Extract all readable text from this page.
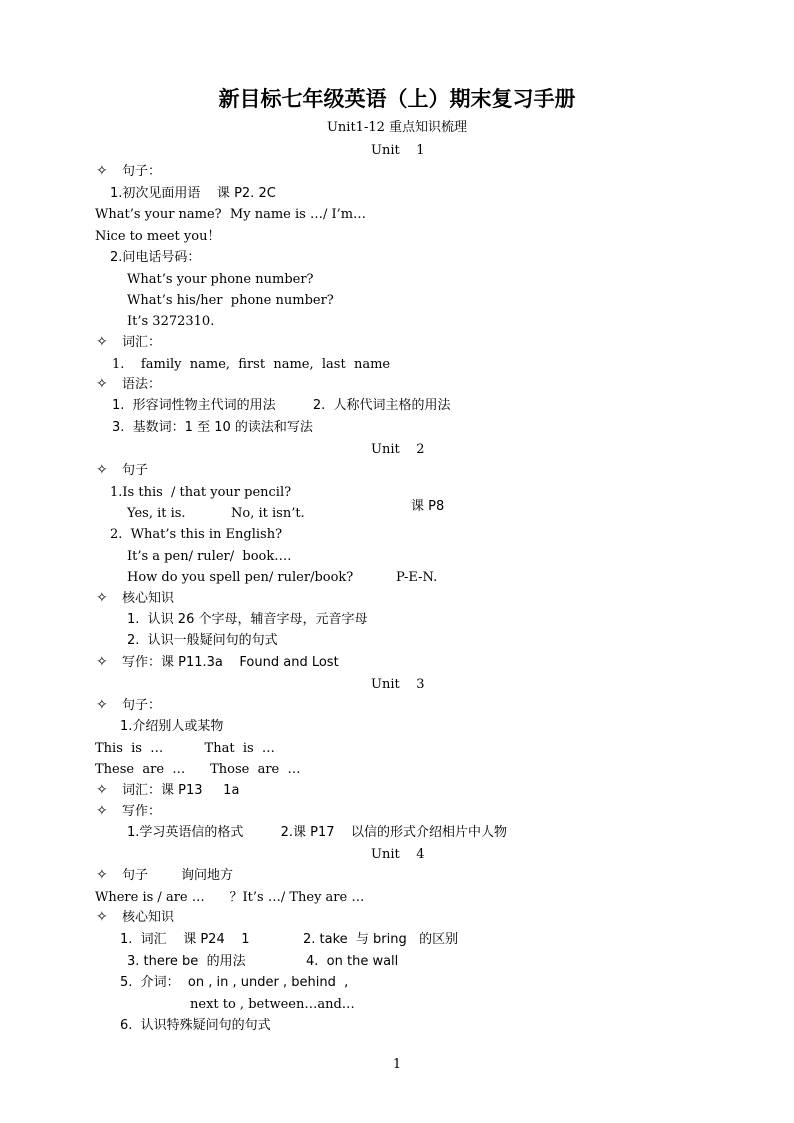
新目标七年级英语（上）期末复习手册
Unit1-12 重点知识梳理
Unit    1
✧ 句子：
1.初次见面用语    课 P2. 2C
What’s your name?  My name is …/ I’m…
Nice to meet you！
2.问电话号码：
What’s your phone number?
What’s his/her  phone number?
It’s 3272310.
✧ 词汇：
1.    family  name,  first  name,  last  name
✧ 语法：
1.  形容词性物主代词的用法         2.  人称代词主格的用法
3.  基数词：1 至 10 的读法和写法
Unit    2
✧ 句子
1.Is this  / that your pencil?
课 P8
Yes, it is.           No, it isn’t.
2.  What’s this in English?
It’s a pen/ ruler/  book….
How do you spell pen/ ruler/book?	P-E-N.
✧ 核心知识
1.  认识 26 个字母，辅音字母，元音字母
2.  认识一般疑问句的句式
✧ 写作：课 P11.3a    Found and Lost
Unit    3
✧ 句子：
1.介绍别人或某物
This  is  …          That  is  …
These  are  …      Those  are  …
✧ 词汇：课 P13     1a
✧ 写作：
1.学习英语信的格式         2.课 P17    以信的形式介绍相片中人物
Unit    4
✧ 句子        询问地方
Where is / are …      ？It’s …/ They are …
✧ 核心知识
1.  词汇    课 P24    1	2. take  与 bring   的区别
3. there be  的用法	4.  on the wall
5.  介词：  on , in , under , behind  ,
next to , between…and…
6.  认识特殊疑问句的句式
1
